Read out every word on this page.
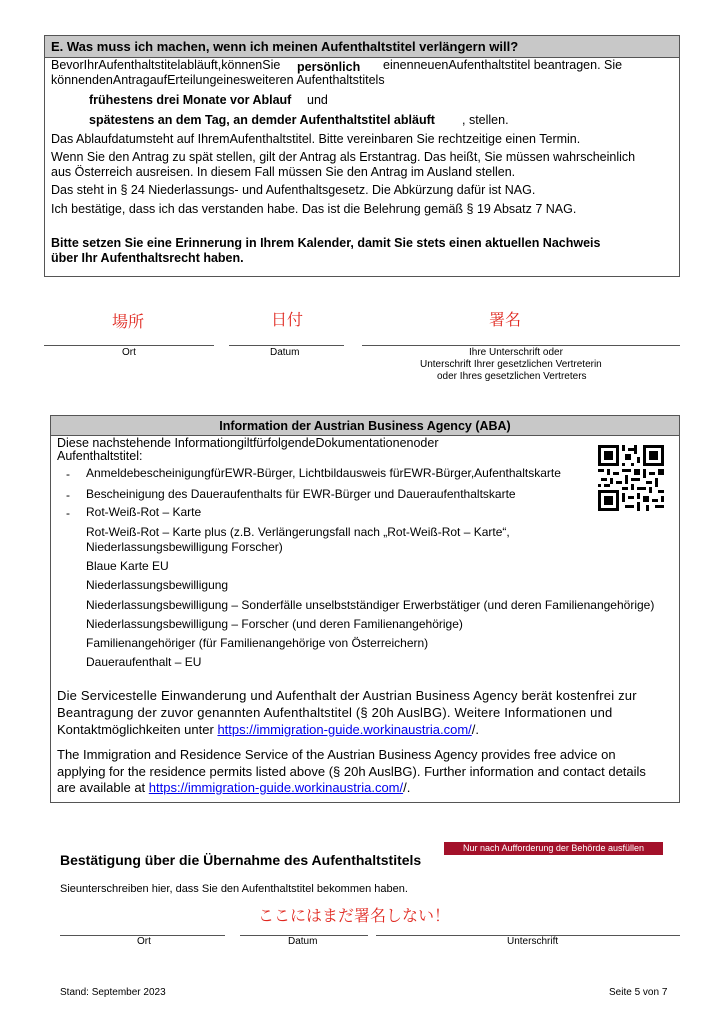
E. Was muss ich machen, wenn ich meinen Aufenthaltstitel verlängern will?
BevorIhrAufenthaltstitelabläuft,könnenSie persönlich einenneuenAufenthaltstitel beantragen. Sie
könnendenAntragaufErteilungeinesweiteren Aufenthaltstitels
frühestens drei Monate vor Ablauf und
spätestens an dem Tag, an demder Aufenthaltstitel abläuft , stellen.
Das Ablaufdatumsteht auf IhremAufenthaltstitel. Bitte vereinbaren Sie rechtzeitige einen Termin.
Wenn Sie den Antrag zu spät stellen, gilt der Antrag als Erstantrag. Das heißt, Sie müssen wahrscheinlich
aus Österreich ausreisen. In diesem Fall müssen Sie den Antrag im Ausland stellen.
Das steht in § 24 Niederlassungs- und Aufenthaltsgesetz. Die Abkürzung dafür ist NAG.
Ich bestätige, dass ich das verstanden habe. Das ist die Belehrung gemäß § 19 Absatz 7 NAG.
Bitte setzen Sie eine Erinnerung in Ihrem Kalender, damit Sie stets einen aktuellen Nachweis
über Ihr Aufenthaltsrecht haben.
場所	日付	署名
Ort	Datum	Ihre Unterschrift oder
Unterschrift Ihrer gesetzlichen Vertreterin
oder Ihres gesetzlichen Vertreters
Information der Austrian Business Agency (ABA)
Diese nachstehende InformationgiltfürfolgendeDokumentationenoder
Aufenthaltstitel:
- AnmeldebescheinigungfürEWR-Bürger, Lichtbildausweis fürEWR-Bürger,Aufenthaltskarte
- Bescheinigung des Daueraufenthalts für EWR-Bürger und Daueraufenthaltskarte
- Rot-Weiß-Rot – Karte
Rot-Weiß-Rot – Karte plus (z.B. Verlängerungsfall nach „Rot-Weiß-Rot – Karte“,
Niederlassungsbewilligung Forscher)
Blaue Karte EU
Niederlassungsbewilligung
Niederlassungsbewilligung – Sonderfälle unselbstständiger Erwerbstätiger (und deren Familienangehörige)
Niederlassungsbewilligung – Forscher (und deren Familienangehörige)
Familienangehöriger (für Familienangehörige von Österreichern)
Daueraufenthalt – EU
Die Servicestelle Einwanderung und Aufenthalt der Austrian Business Agency berät kostenfrei zur
Beantragung der zuvor genannten Aufenthaltstitel (§ 20h AuslBG). Weitere Informationen und
Kontaktmöglichkeiten unter https://immigration-guide.workinaustria.com//.
The Immigration and Residence Service of the Austrian Business Agency provides free advice on
applying for the residence permits listed above (§ 20h AuslBG). Further information and contact details
are available at https://immigration-guide.workinaustria.com//.
Nur nach Aufforderung der Behörde ausfüllen
Bestätigung über die Übernahme des Aufenthaltstitels
Sieunterschreiben hier, dass Sie den Aufenthaltstitel bekommen haben.
ここにはまだ署名しない！
Ort	Datum	Unterschrift
Stand: September 2023	Seite 5 von 7
